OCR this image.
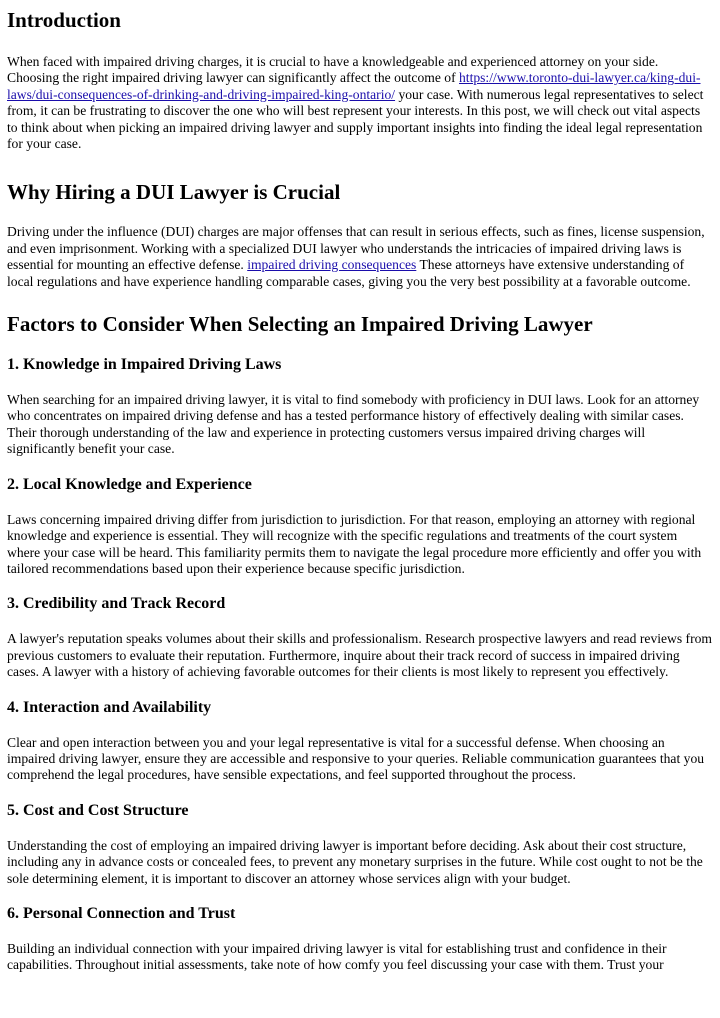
Introduction

When faced with impaired driving charges, it is crucial to have a knowledgeable and experienced attorney on your side. Choosing the right impaired driving lawyer can significantly affect the outcome of https://www.toronto-dui-lawyer.ca/king-dui-laws/dui-consequences-of-drinking-and-driving-impaired-king-ontario/ your case. With numerous legal representatives to select from, it can be frustrating to discover the one who will best represent your interests. In this post, we will check out vital aspects to think about when picking an impaired driving lawyer and supply important insights into finding the ideal legal representation for your case.

Why Hiring a DUI Lawyer is Crucial

Driving under the influence (DUI) charges are major offenses that can result in serious effects, such as fines, license suspension, and even imprisonment. Working with a specialized DUI lawyer who understands the intricacies of impaired driving laws is essential for mounting an effective defense. impaired driving consequences These attorneys have extensive understanding of local regulations and have experience handling comparable cases, giving you the very best possibility at a favorable outcome.

Factors to Consider When Selecting an Impaired Driving Lawyer
1. Knowledge in Impaired Driving Laws

When searching for an impaired driving lawyer, it is vital to find somebody with proficiency in DUI laws. Look for an attorney who concentrates on impaired driving defense and has a tested performance history of effectively dealing with similar cases. Their thorough understanding of the law and experience in protecting customers versus impaired driving charges will significantly benefit your case.

2. Local Knowledge and Experience

Laws concerning impaired driving differ from jurisdiction to jurisdiction. For that reason, employing an attorney with regional knowledge and experience is essential. They will recognize with the specific regulations and treatments of the court system where your case will be heard. This familiarity permits them to navigate the legal procedure more efficiently and offer you with tailored recommendations based upon their experience because specific jurisdiction.

3. Credibility and Track Record

A lawyer's reputation speaks volumes about their skills and professionalism. Research prospective lawyers and read reviews from previous customers to evaluate their reputation. Furthermore, inquire about their track record of success in impaired driving cases. A lawyer with a history of achieving favorable outcomes for their clients is most likely to represent you effectively.

4. Interaction and Availability

Clear and open interaction between you and your legal representative is vital for a successful defense. When choosing an impaired driving lawyer, ensure they are accessible and responsive to your queries. Reliable communication guarantees that you comprehend the legal procedures, have sensible expectations, and feel supported throughout the process.

5. Cost and Cost Structure

Understanding the cost of employing an impaired driving lawyer is important before deciding. Ask about their cost structure, including any in advance costs or concealed fees, to prevent any monetary surprises in the future. While cost ought to not be the sole determining element, it is important to discover an attorney whose services align with your budget.

6. Personal Connection and Trust

Building an individual connection with your impaired driving lawyer is vital for establishing trust and confidence in their capabilities. Throughout initial assessments, take note of how comfy you feel discussing your case with them. Trust your
